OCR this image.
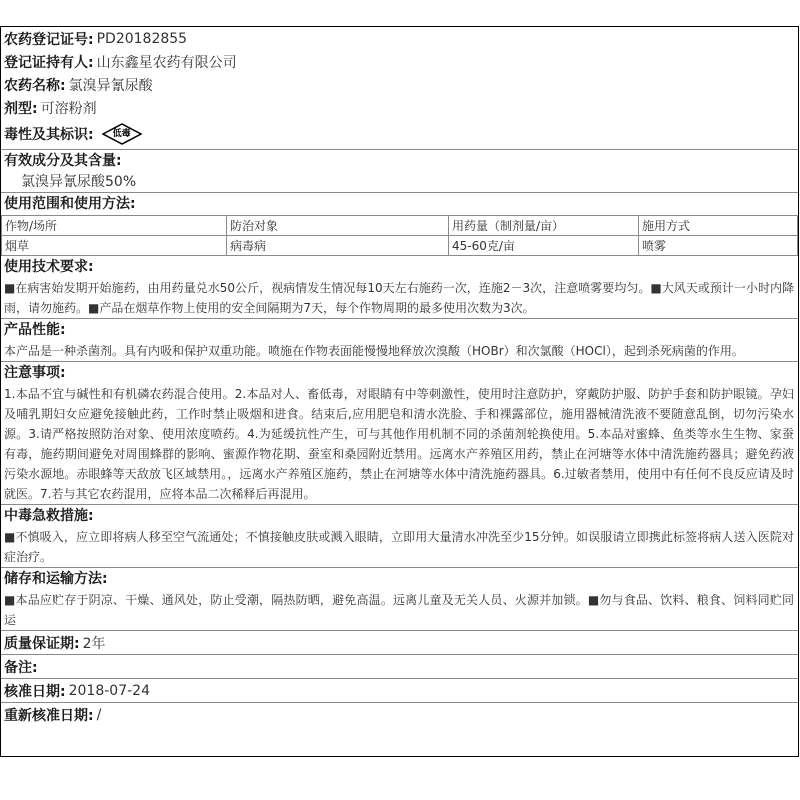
农药登记证号: PD20182855
登记证持有人: 山东鑫星农药有限公司
农药名称: 氯溴异氰尿酸
剂型: 可溶粉剂
毒性及其标识:	低毒
有效成分及其含量:
氯溴异氰尿酸50%
使用范围和使用方法:
作物/场所	防治对象	用药量（制剂量/亩）	施用方式
烟草	病毒病	45-60克/亩	喷雾
使用技术要求:
■在病害始发期开始施药，由用药量兑水50公斤，视病情发生情况每10天左右施药一次，连施2－3次，注意喷雾要均匀。■大风天或预计一小时内降雨，请勿施药。■产品在烟草作物上使用的安全间隔期为7天，每个作物周期的最多使用次数为3次。
产品性能:
本产品是一种杀菌剂。具有内吸和保护双重功能。喷施在作物表面能慢慢地释放次溴酸（HOBr）和次氯酸（HOCl），起到杀死病菌的作用。
注意事项:
1.本品不宜与碱性和有机磷农药混合使用。2.本品对人、畜低毒，对眼睛有中等刺激性，使用时注意防护，穿戴防护服、防护手套和防护眼镜。孕妇及哺乳期妇女应避免接触此药，工作时禁止吸烟和进食。结束后,应用肥皂和清水洗脸、手和裸露部位，施用器械清洗液不要随意乱倒，切勿污染水源。3.请严格按照防治对象、使用浓度喷药。4.为延缓抗性产生，可与其他作用机制不同的杀菌剂轮换使用。5.本品对蜜蜂、鱼类等水生生物、家蚕有毒，施药期间避免对周围蜂群的影响、蜜源作物花期、蚕室和桑园附近禁用。远离水产养殖区用药，禁止在河塘等水体中清洗施药器具；避免药液污染水源地。赤眼蜂等天敌放飞区域禁用。，远离水产养殖区施药，禁止在河塘等水体中清洗施药器具。6.过敏者禁用，使用中有任何不良反应请及时就医。7.若与其它农药混用，应将本品二次稀释后再混用。
中毒急救措施:
■不慎吸入，应立即将病人移至空气流通处；不慎接触皮肤或溅入眼睛，立即用大量清水冲洗至少15分钟。如误服请立即携此标签将病人送入医院对症治疗。
储存和运输方法:
■本品应贮存于阴凉、干燥、通风处，防止受潮，隔热防晒，避免高温。远离儿童及无关人员、火源并加锁。■勿与食品、饮料、粮食、饲料同贮同运
质量保证期: 2年
备注:
核准日期: 2018-07-24
重新核准日期: /
